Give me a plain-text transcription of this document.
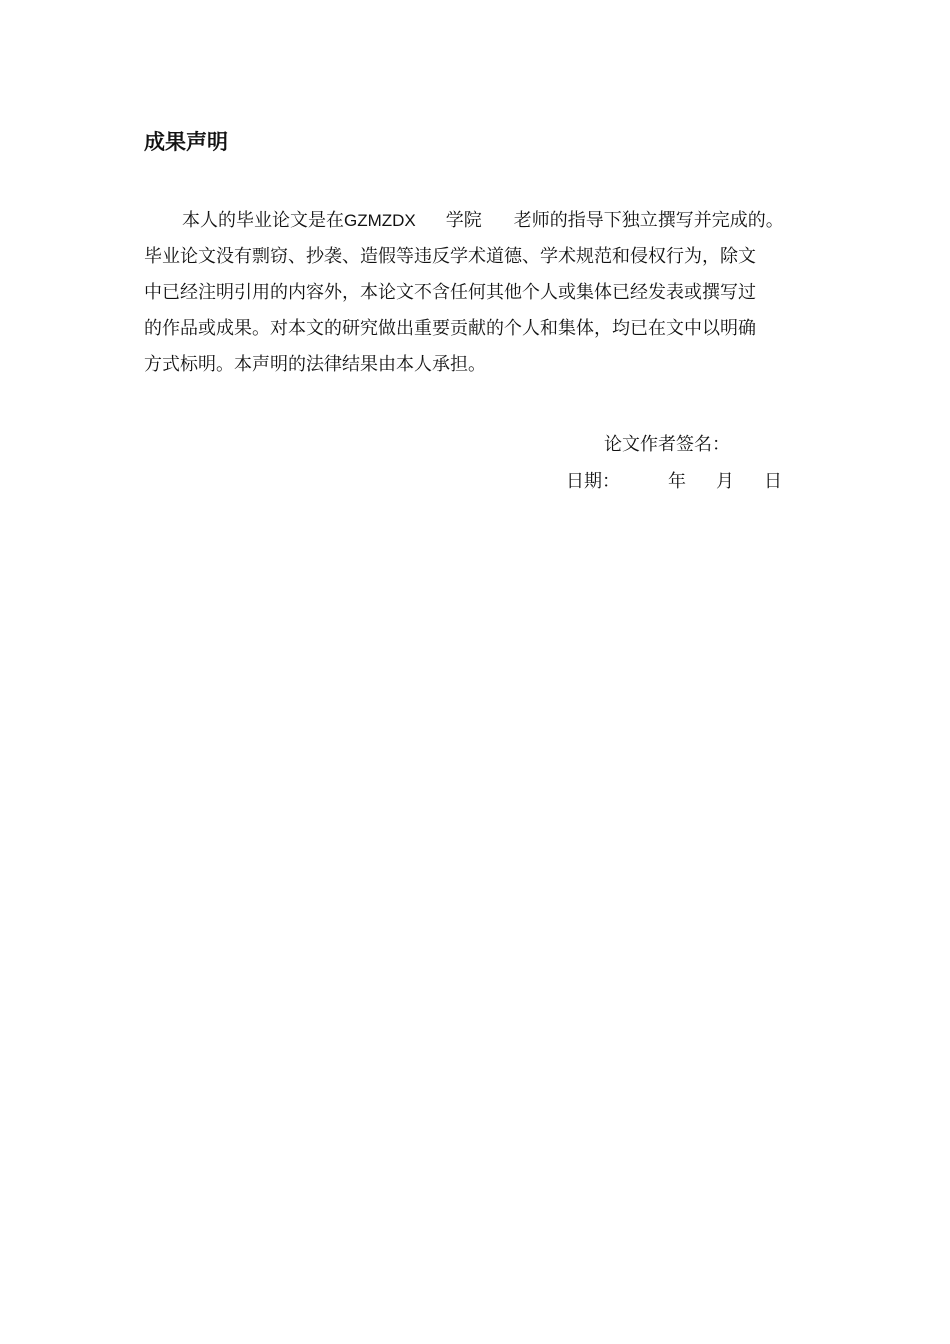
成果声明
本人的毕业论文是在GZMZDX 学院 老师的指导下独立撰写并完成的。
毕业论文没有剽窃、抄袭、造假等违反学术道德、学术规范和侵权行为，除文
中已经注明引用的内容外，本论文不含任何其他个人或集体已经发表或撰写过
的作品或成果。对本文的研究做出重要贡献的个人和集体，均已在文中以明确
方式标明。本声明的法律结果由本人承担。
论文作者签名：
日期：	年 月 日
